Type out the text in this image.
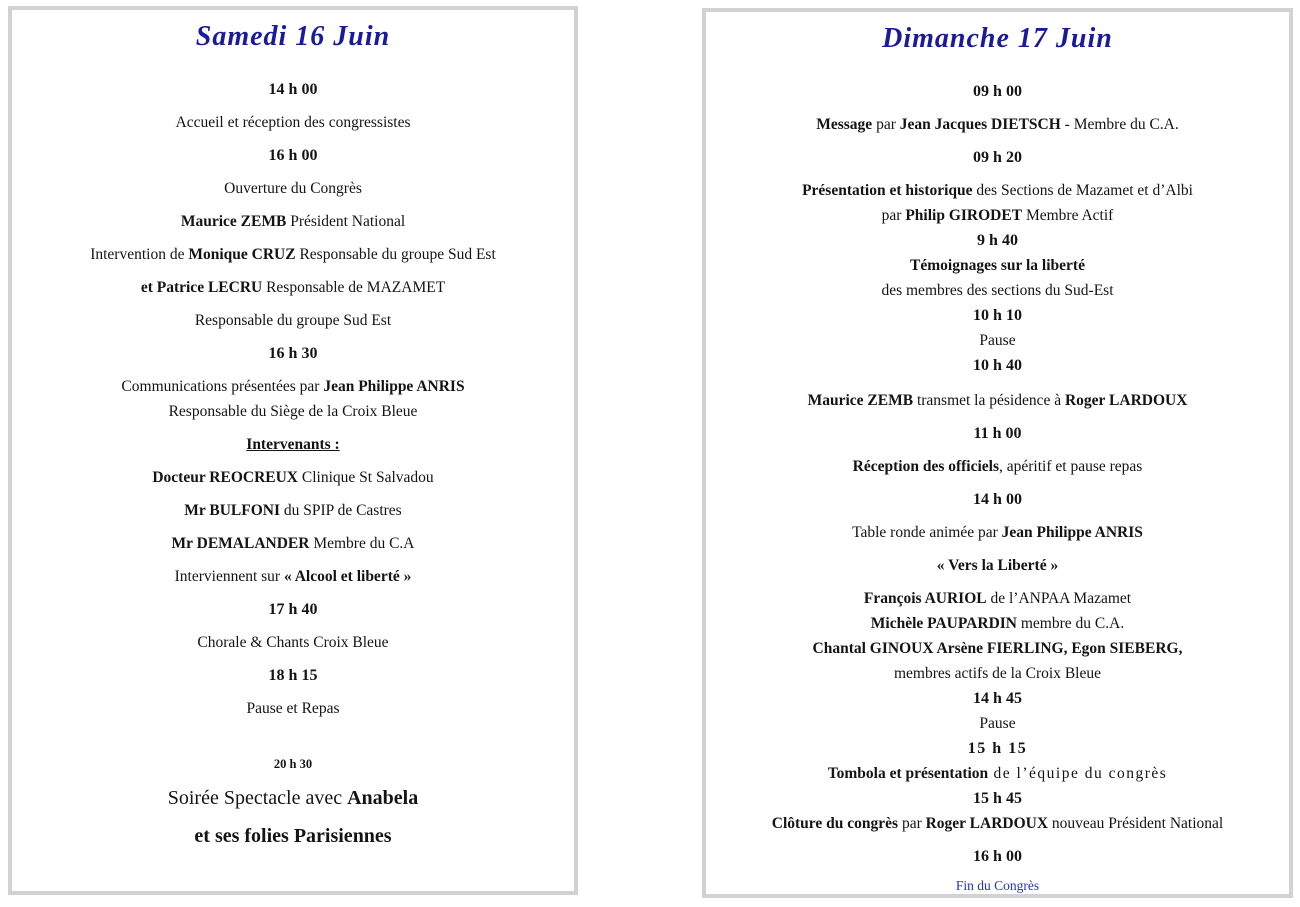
Samedi 16 Juin
14 h 00
Accueil et réception des congressistes
16 h 00
Ouverture du Congrès
Maurice ZEMB Président National
Intervention de Monique CRUZ Responsable du groupe Sud Est
et Patrice LECRU Responsable de MAZAMET
Responsable du groupe Sud Est
16 h 30
Communications présentées par Jean Philippe ANRIS
Responsable du Siège de la Croix Bleue
Intervenants :
Docteur REOCREUX Clinique St Salvadou
Mr BULFONI du SPIP de Castres
Mr DEMALANDER Membre du C.A
Interviennent sur « Alcool et liberté »
17 h 40
Chorale & Chants Croix Bleue
18 h 15
Pause et Repas
20 h 30
Soirée Spectacle avec Anabela
et ses folies Parisiennes
Dimanche 17 Juin
09 h 00
Message par Jean Jacques DIETSCH - Membre du C.A.
09 h 20
Présentation et historique des Sections de Mazamet et d’Albi
par Philip GIRODET Membre Actif
9 h 40
Témoignages sur la liberté
des membres des sections du Sud-Est
10 h 10
Pause
10 h 40
Maurice ZEMB transmet la pésidence à Roger LARDOUX
11 h 00
Réception des officiels, apéritif et pause repas
14 h 00
Table ronde animée par Jean Philippe ANRIS
« Vers la Liberté »
François AURIOL de l’ANPAA Mazamet
Michèle PAUPARDIN membre du C.A.
Chantal GINOUX Arsène FIERLING, Egon SIEBERG,
membres actifs de la Croix Bleue
14 h 45
Pause
15 h 15
Tombola et présentation de l’équipe du congrès
15 h 45
Clôture du congrès par Roger LARDOUX nouveau Président National
16 h 00
Fin du Congrès
